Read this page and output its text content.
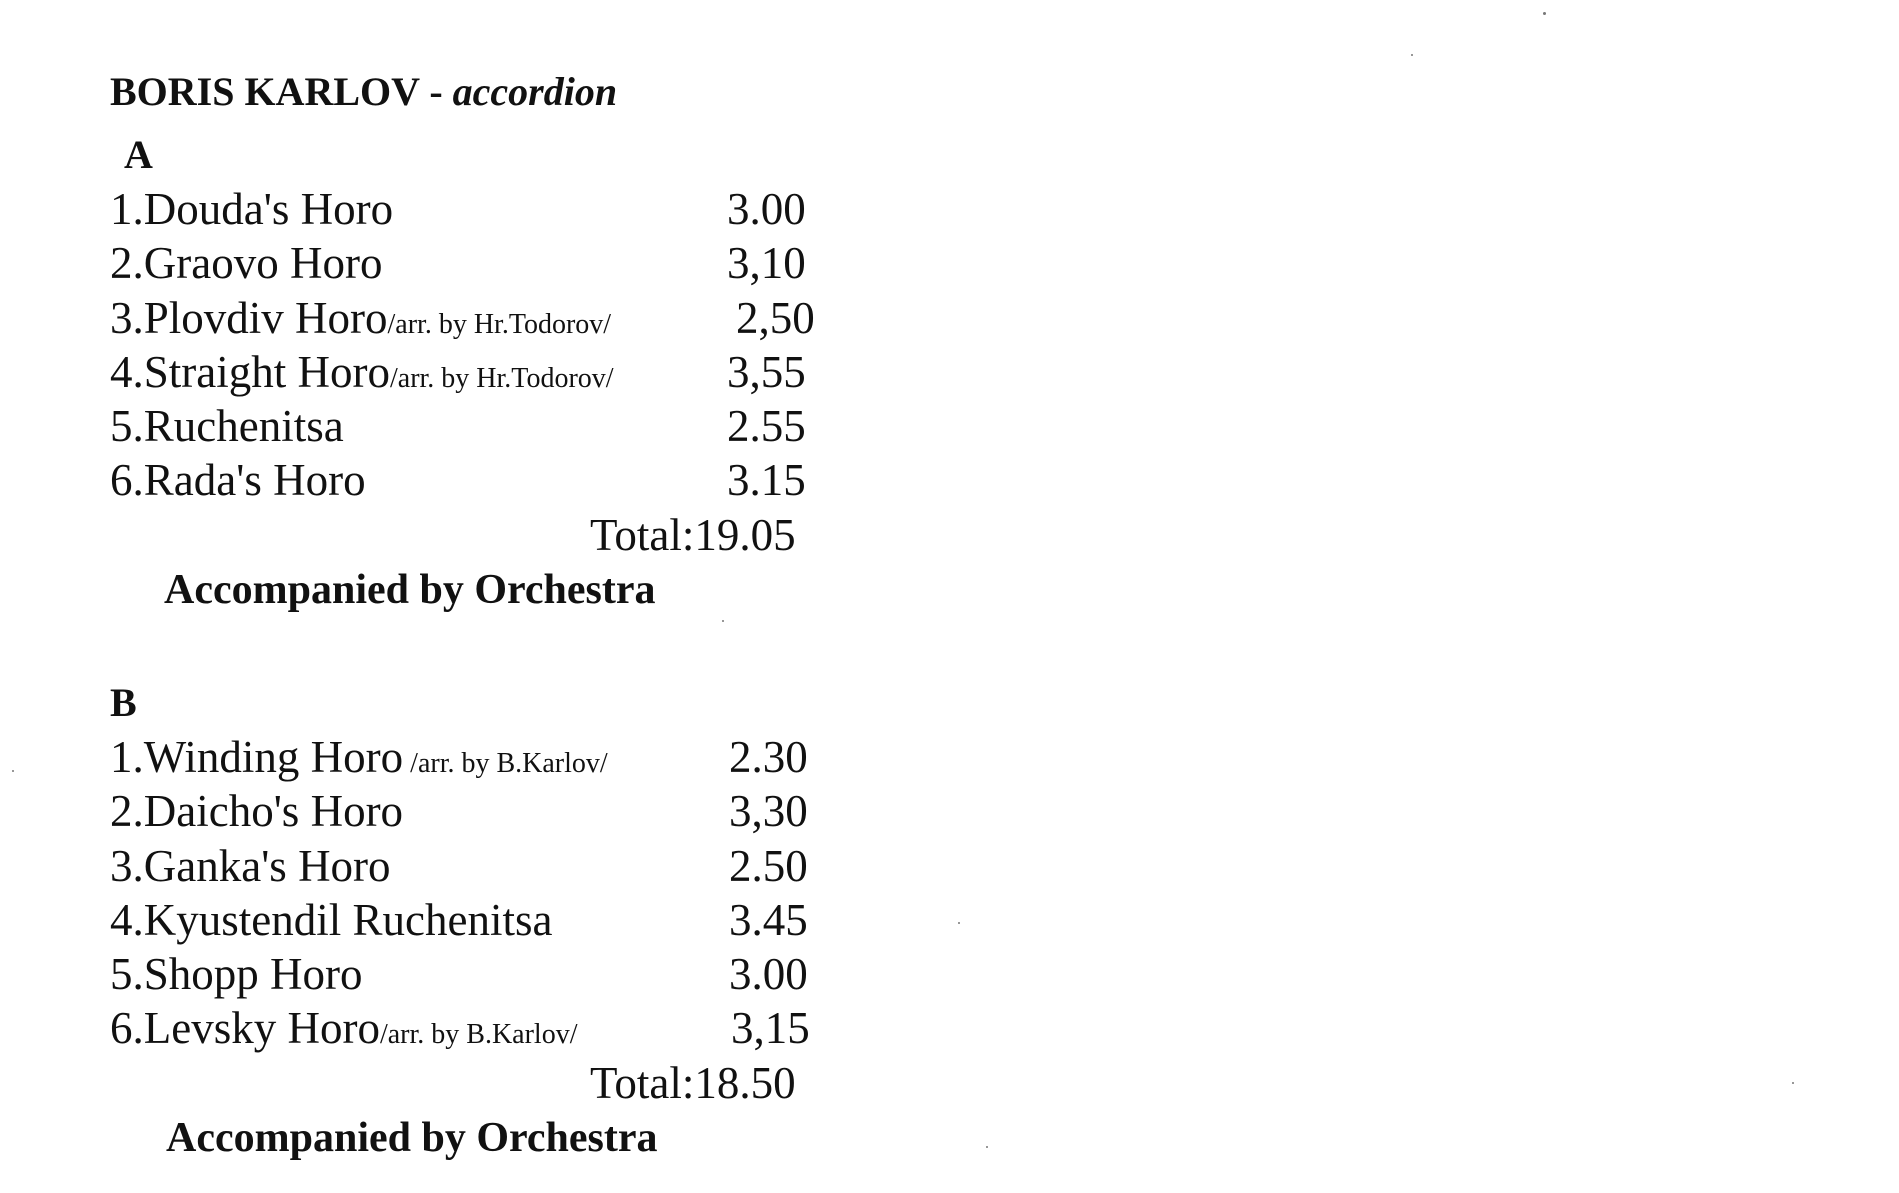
BORIS KARLOV - accordion
A
1.Douda's Horo	3.00
2.Graovo Horo	3,10
3.Plovdiv Horo/arr. by Hr.Todorov/	2,50
4.Straight Horo/arr. by Hr.Todorov/	3,55
5.Ruchenitsa	2.55
6.Rada's Horo	3.15
Total:19.05
Accompanied by Orchestra
B
1.Winding Horo /arr. by B.Karlov/	2.30
2.Daicho's Horo	3,30
3.Ganka's Horo	2.50
4.Kyustendil Ruchenitsa	3.45
5.Shopp Horo	3.00
6.Levsky Horo/arr. by B.Karlov/	3,15
Total:18.50
Accompanied by Orchestra
